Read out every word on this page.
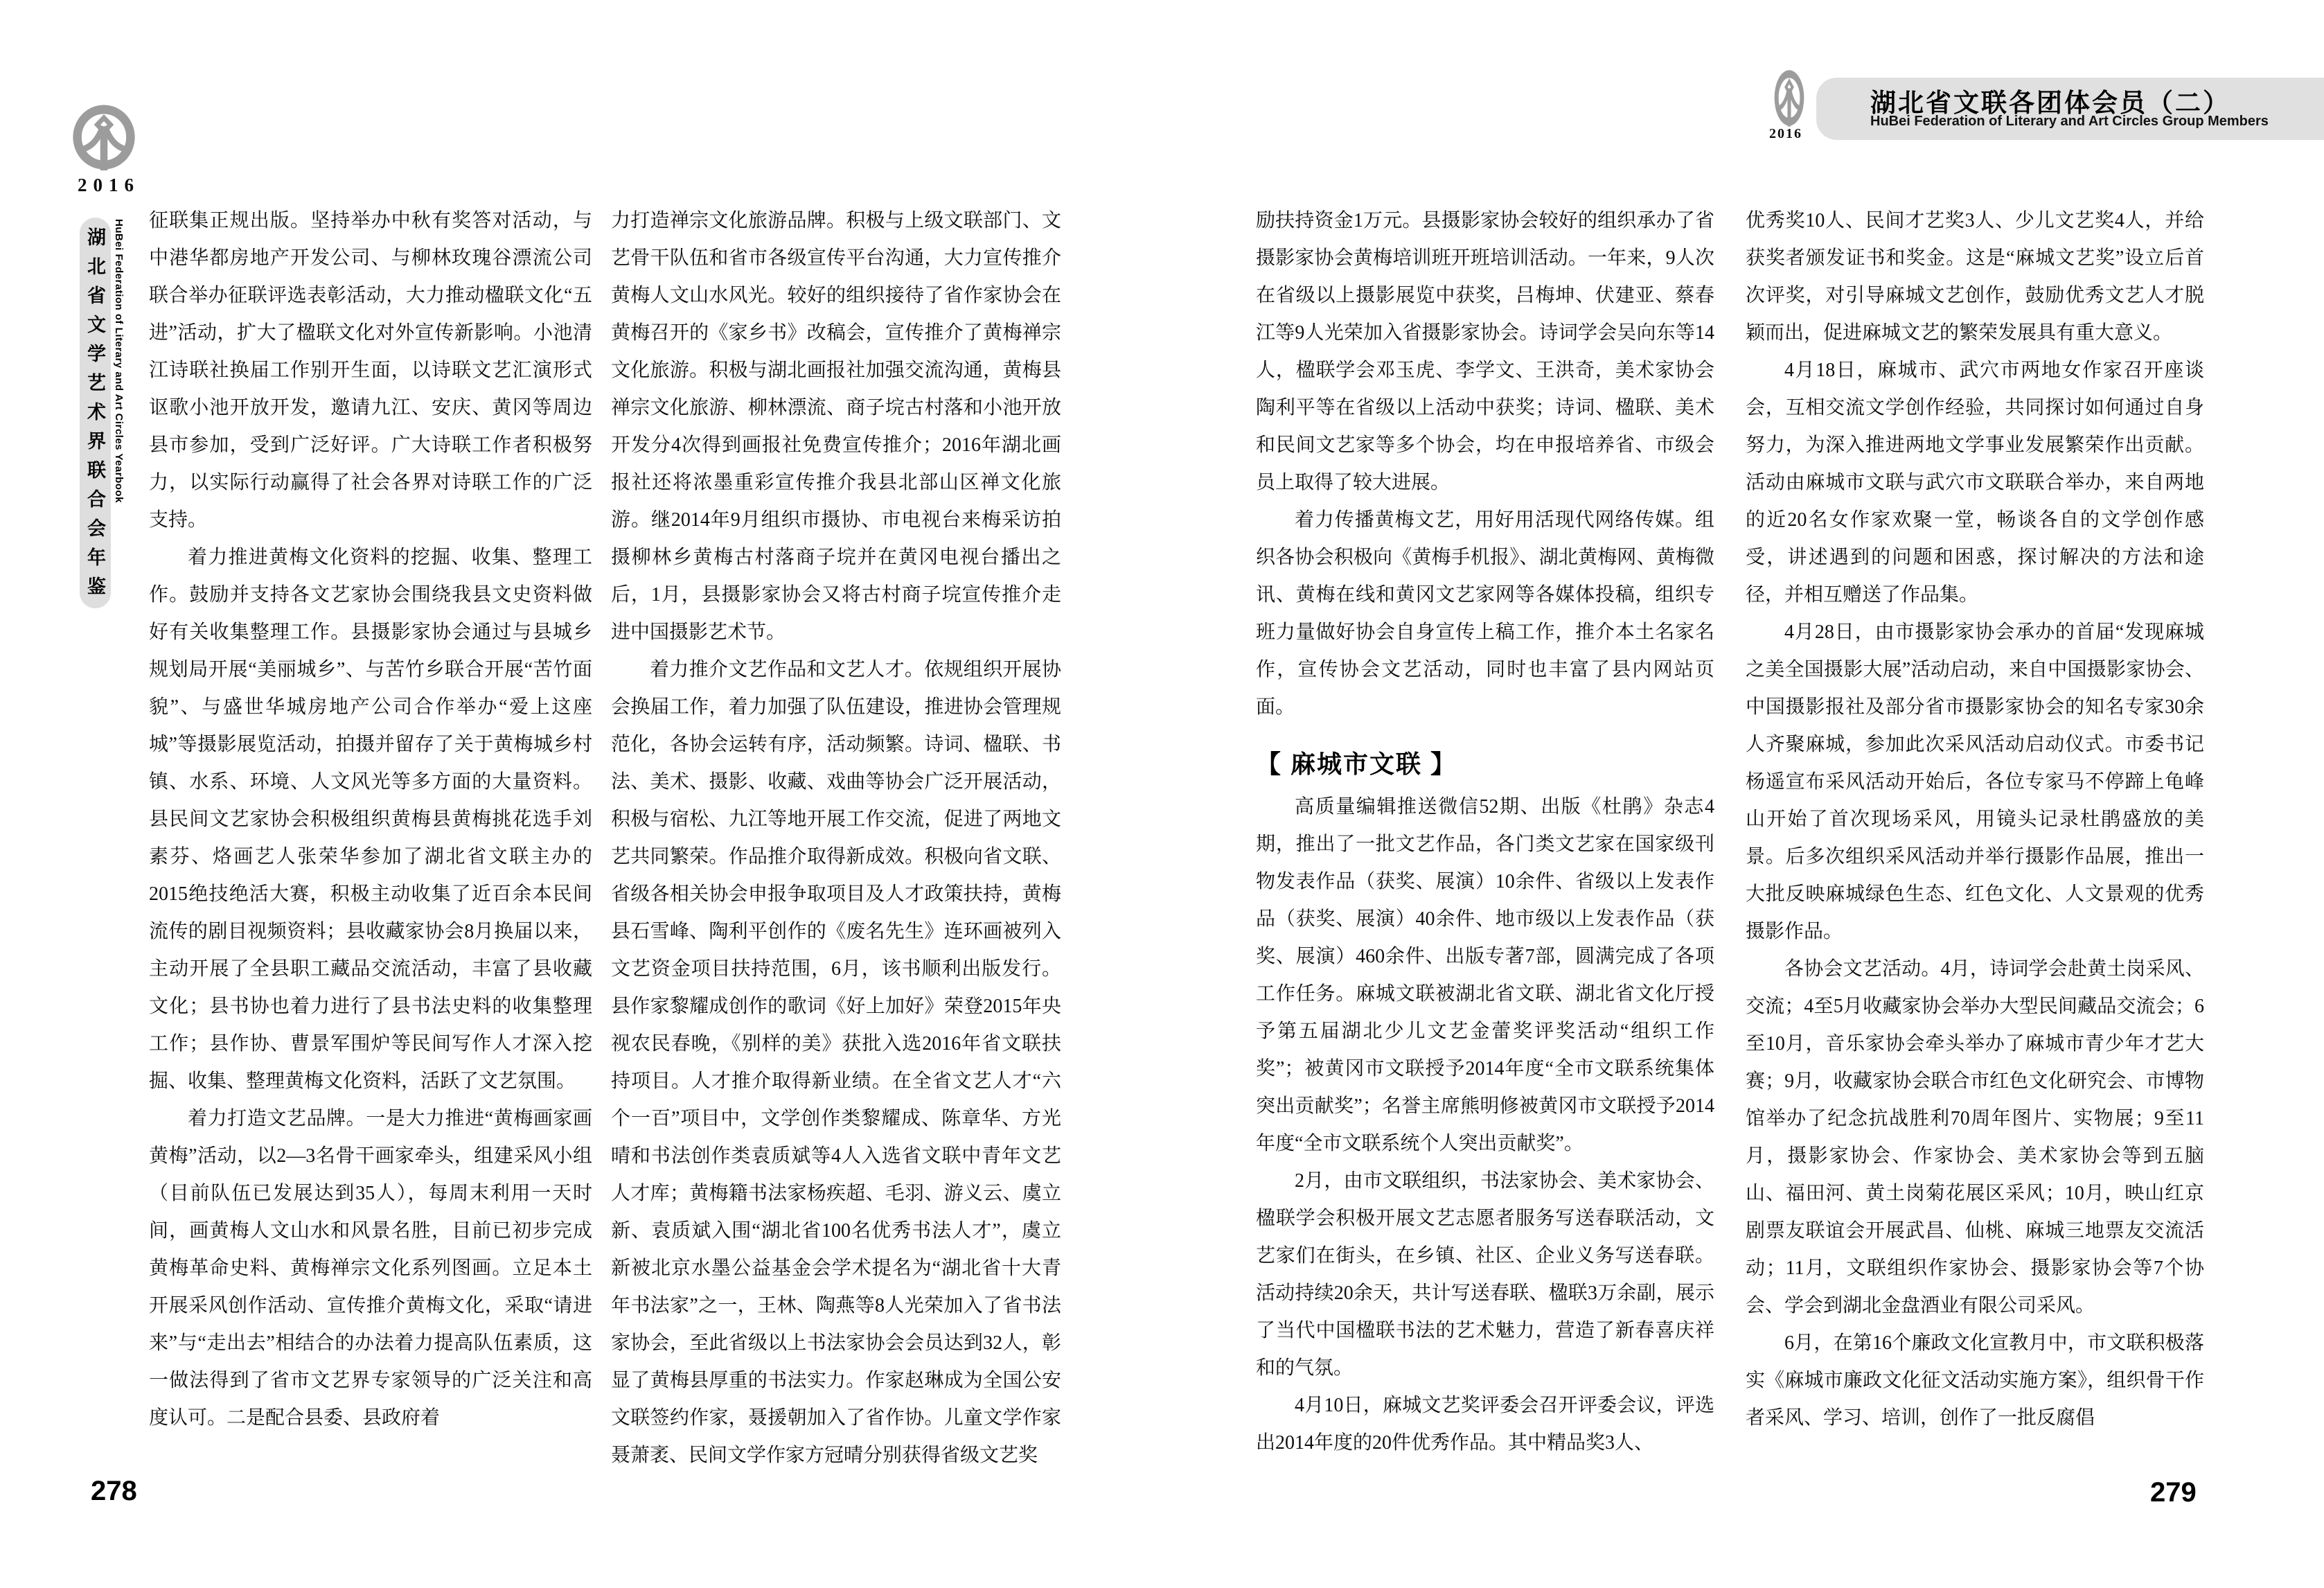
2016
湖北省文学艺术界联合会年鉴 HuBei Federation of Literary and Art Circles Yearbook
2016
湖北省文联各团体会员（二）
HuBei Federation of Literary and Art Circles Group Members

征联集正规出版。坚持举办中秋有奖答对活动，与中港华都房地产开发公司、与柳林玫瑰谷漂流公司联合举办征联评选表彰活动，大力推动楹联文化“五进”活动，扩大了楹联文化对外宣传新影响。小池清江诗联社换届工作别开生面，以诗联文艺汇演形式讴歌小池开放开发，邀请九江、安庆、黄冈等周边县市参加，受到广泛好评。广大诗联工作者积极努力，以实际行动赢得了社会各界对诗联工作的广泛支持。

着力推进黄梅文化资料的挖掘、收集、整理工作。鼓励并支持各文艺家协会围绕我县文史资料做好有关收集整理工作。县摄影家协会通过与县城乡规划局开展“美丽城乡”、与苦竹乡联合开展“苦竹面貌”、与盛世华城房地产公司合作举办“爱上这座城”等摄影展览活动，拍摄并留存了关于黄梅城乡村镇、水系、环境、人文风光等多方面的大量资料。县民间文艺家协会积极组织黄梅县黄梅挑花选手刘素芬、烙画艺人张荣华参加了湖北省文联主办的2015绝技绝活大赛，积极主动收集了近百余本民间流传的剧目视频资料；县收藏家协会8月换届以来，主动开展了全县职工藏品交流活动，丰富了县收藏文化；县书协也着力进行了县书法史料的收集整理工作；县作协、曹景军围炉等民间写作人才深入挖掘、收集、整理黄梅文化资料，活跃了文艺氛围。

着力打造文艺品牌。一是大力推进“黄梅画家画黄梅”活动，以2—3名骨干画家牵头，组建采风小组（目前队伍已发展达到35人），每周末利用一天时间，画黄梅人文山水和风景名胜，目前已初步完成黄梅革命史料、黄梅禅宗文化系列图画。立足本土开展采风创作活动、宣传推介黄梅文化，采取“请进来”与“走出去”相结合的办法着力提高队伍素质，这一做法得到了省市文艺界专家领导的广泛关注和高度认可。二是配合县委、县政府着

力打造禅宗文化旅游品牌。积极与上级文联部门、文艺骨干队伍和省市各级宣传平台沟通，大力宣传推介黄梅人文山水风光。较好的组织接待了省作家协会在黄梅召开的《家乡书》改稿会，宣传推介了黄梅禅宗文化旅游。积极与湖北画报社加强交流沟通，黄梅县禅宗文化旅游、柳林漂流、商子垸古村落和小池开放开发分4次得到画报社免费宣传推介；2016年湖北画报社还将浓墨重彩宣传推介我县北部山区禅文化旅游。继2014年9月组织市摄协、市电视台来梅采访拍摄柳林乡黄梅古村落商子垸并在黄冈电视台播出之后，1月，县摄影家协会又将古村商子垸宣传推介走进中国摄影艺术节。

着力推介文艺作品和文艺人才。依规组织开展协会换届工作，着力加强了队伍建设，推进协会管理规范化，各协会运转有序，活动频繁。诗词、楹联、书法、美术、摄影、收藏、戏曲等协会广泛开展活动，积极与宿松、九江等地开展工作交流，促进了两地文艺共同繁荣。作品推介取得新成效。积极向省文联、省级各相关协会申报争取项目及人才政策扶持，黄梅县石雪峰、陶利平创作的《废名先生》连环画被列入文艺资金项目扶持范围，6月，该书顺利出版发行。县作家黎耀成创作的歌词《好上加好》荣登2015年央视农民春晚，《别样的美》获批入选2016年省文联扶持项目。人才推介取得新业绩。在全省文艺人才“六个一百”项目中，文学创作类黎耀成、陈章华、方光晴和书法创作类袁质斌等4人入选省文联中青年文艺人才库；黄梅籍书法家杨疾超、毛羽、游义云、虞立新、袁质斌入围“湖北省100名优秀书法人才”，虞立新被北京水墨公益基金会学术提名为“湖北省十大青年书法家”之一，王林、陶燕等8人光荣加入了省书法家协会，至此省级以上书法家协会会员达到32人，彰显了黄梅县厚重的书法实力。作家赵琳成为全国公安文联签约作家，聂援朝加入了省作协。儿童文学作家聂萧袤、民间文学作家方冠晴分别获得省级文艺奖

励扶持资金1万元。县摄影家协会较好的组织承办了省摄影家协会黄梅培训班开班培训活动。一年来，9人次在省级以上摄影展览中获奖，吕梅坤、伏建亚、蔡春江等9人光荣加入省摄影家协会。诗词学会吴向东等14人，楹联学会邓玉虎、李学文、王洪奇，美术家协会陶利平等在省级以上活动中获奖；诗词、楹联、美术和民间文艺家等多个协会，均在申报培养省、市级会员上取得了较大进展。

着力传播黄梅文艺，用好用活现代网络传媒。组织各协会积极向《黄梅手机报》、湖北黄梅网、黄梅微讯、黄梅在线和黄冈文艺家网等各媒体投稿，组织专班力量做好协会自身宣传上稿工作，推介本土名家名作，宣传协会文艺活动，同时也丰富了县内网站页面。

【 麻城市文联 】

高质量编辑推送微信52期、出版《杜鹃》杂志4期，推出了一批文艺作品，各门类文艺家在国家级刊物发表作品（获奖、展演）10余件、省级以上发表作品（获奖、展演）40余件、地市级以上发表作品（获奖、展演）460余件、出版专著7部，圆满完成了各项工作任务。麻城文联被湖北省文联、湖北省文化厅授予第五届湖北少儿文艺金蕾奖评奖活动“组织工作奖”；被黄冈市文联授予2014年度“全市文联系统集体突出贡献奖”；名誉主席熊明修被黄冈市文联授予2014年度“全市文联系统个人突出贡献奖”。

2月，由市文联组织，书法家协会、美术家协会、楹联学会积极开展文艺志愿者服务写送春联活动，文艺家们在街头，在乡镇、社区、企业义务写送春联。活动持续20余天，共计写送春联、楹联3万余副，展示了当代中国楹联书法的艺术魅力，营造了新春喜庆祥和的气氛。

4月10日，麻城文艺奖评委会召开评委会议，评选出2014年度的20件优秀作品。其中精品奖3人、

优秀奖10人、民间才艺奖3人、少儿文艺奖4人，并给获奖者颁发证书和奖金。这是“麻城文艺奖”设立后首次评奖，对引导麻城文艺创作，鼓励优秀文艺人才脱颖而出，促进麻城文艺的繁荣发展具有重大意义。

4月18日，麻城市、武穴市两地女作家召开座谈会，互相交流文学创作经验，共同探讨如何通过自身努力，为深入推进两地文学事业发展繁荣作出贡献。活动由麻城市文联与武穴市文联联合举办，来自两地的近20名女作家欢聚一堂，畅谈各自的文学创作感受，讲述遇到的问题和困惑，探讨解决的方法和途径，并相互赠送了作品集。

4月28日，由市摄影家协会承办的首届“发现麻城之美全国摄影大展”活动启动，来自中国摄影家协会、中国摄影报社及部分省市摄影家协会的知名专家30余人齐聚麻城，参加此次采风活动启动仪式。市委书记杨遥宣布采风活动开始后，各位专家马不停蹄上龟峰山开始了首次现场采风，用镜头记录杜鹃盛放的美景。后多次组织采风活动并举行摄影作品展，推出一大批反映麻城绿色生态、红色文化、人文景观的优秀摄影作品。

各协会文艺活动。4月，诗词学会赴黄土岗采风、交流；4至5月收藏家协会举办大型民间藏品交流会；6至10月，音乐家协会牵头举办了麻城市青少年才艺大赛；9月，收藏家协会联合市红色文化研究会、市博物馆举办了纪念抗战胜利70周年图片、实物展；9至11月，摄影家协会、作家协会、美术家协会等到五脑山、福田河、黄土岗菊花展区采风；10月，映山红京剧票友联谊会开展武昌、仙桃、麻城三地票友交流活动；11月，文联组织作家协会、摄影家协会等7个协会、学会到湖北金盘酒业有限公司采风。

6月，在第16个廉政文化宣教月中，市文联积极落实《麻城市廉政文化征文活动实施方案》，组织骨干作者采风、学习、培训，创作了一批反腐倡

278	279
